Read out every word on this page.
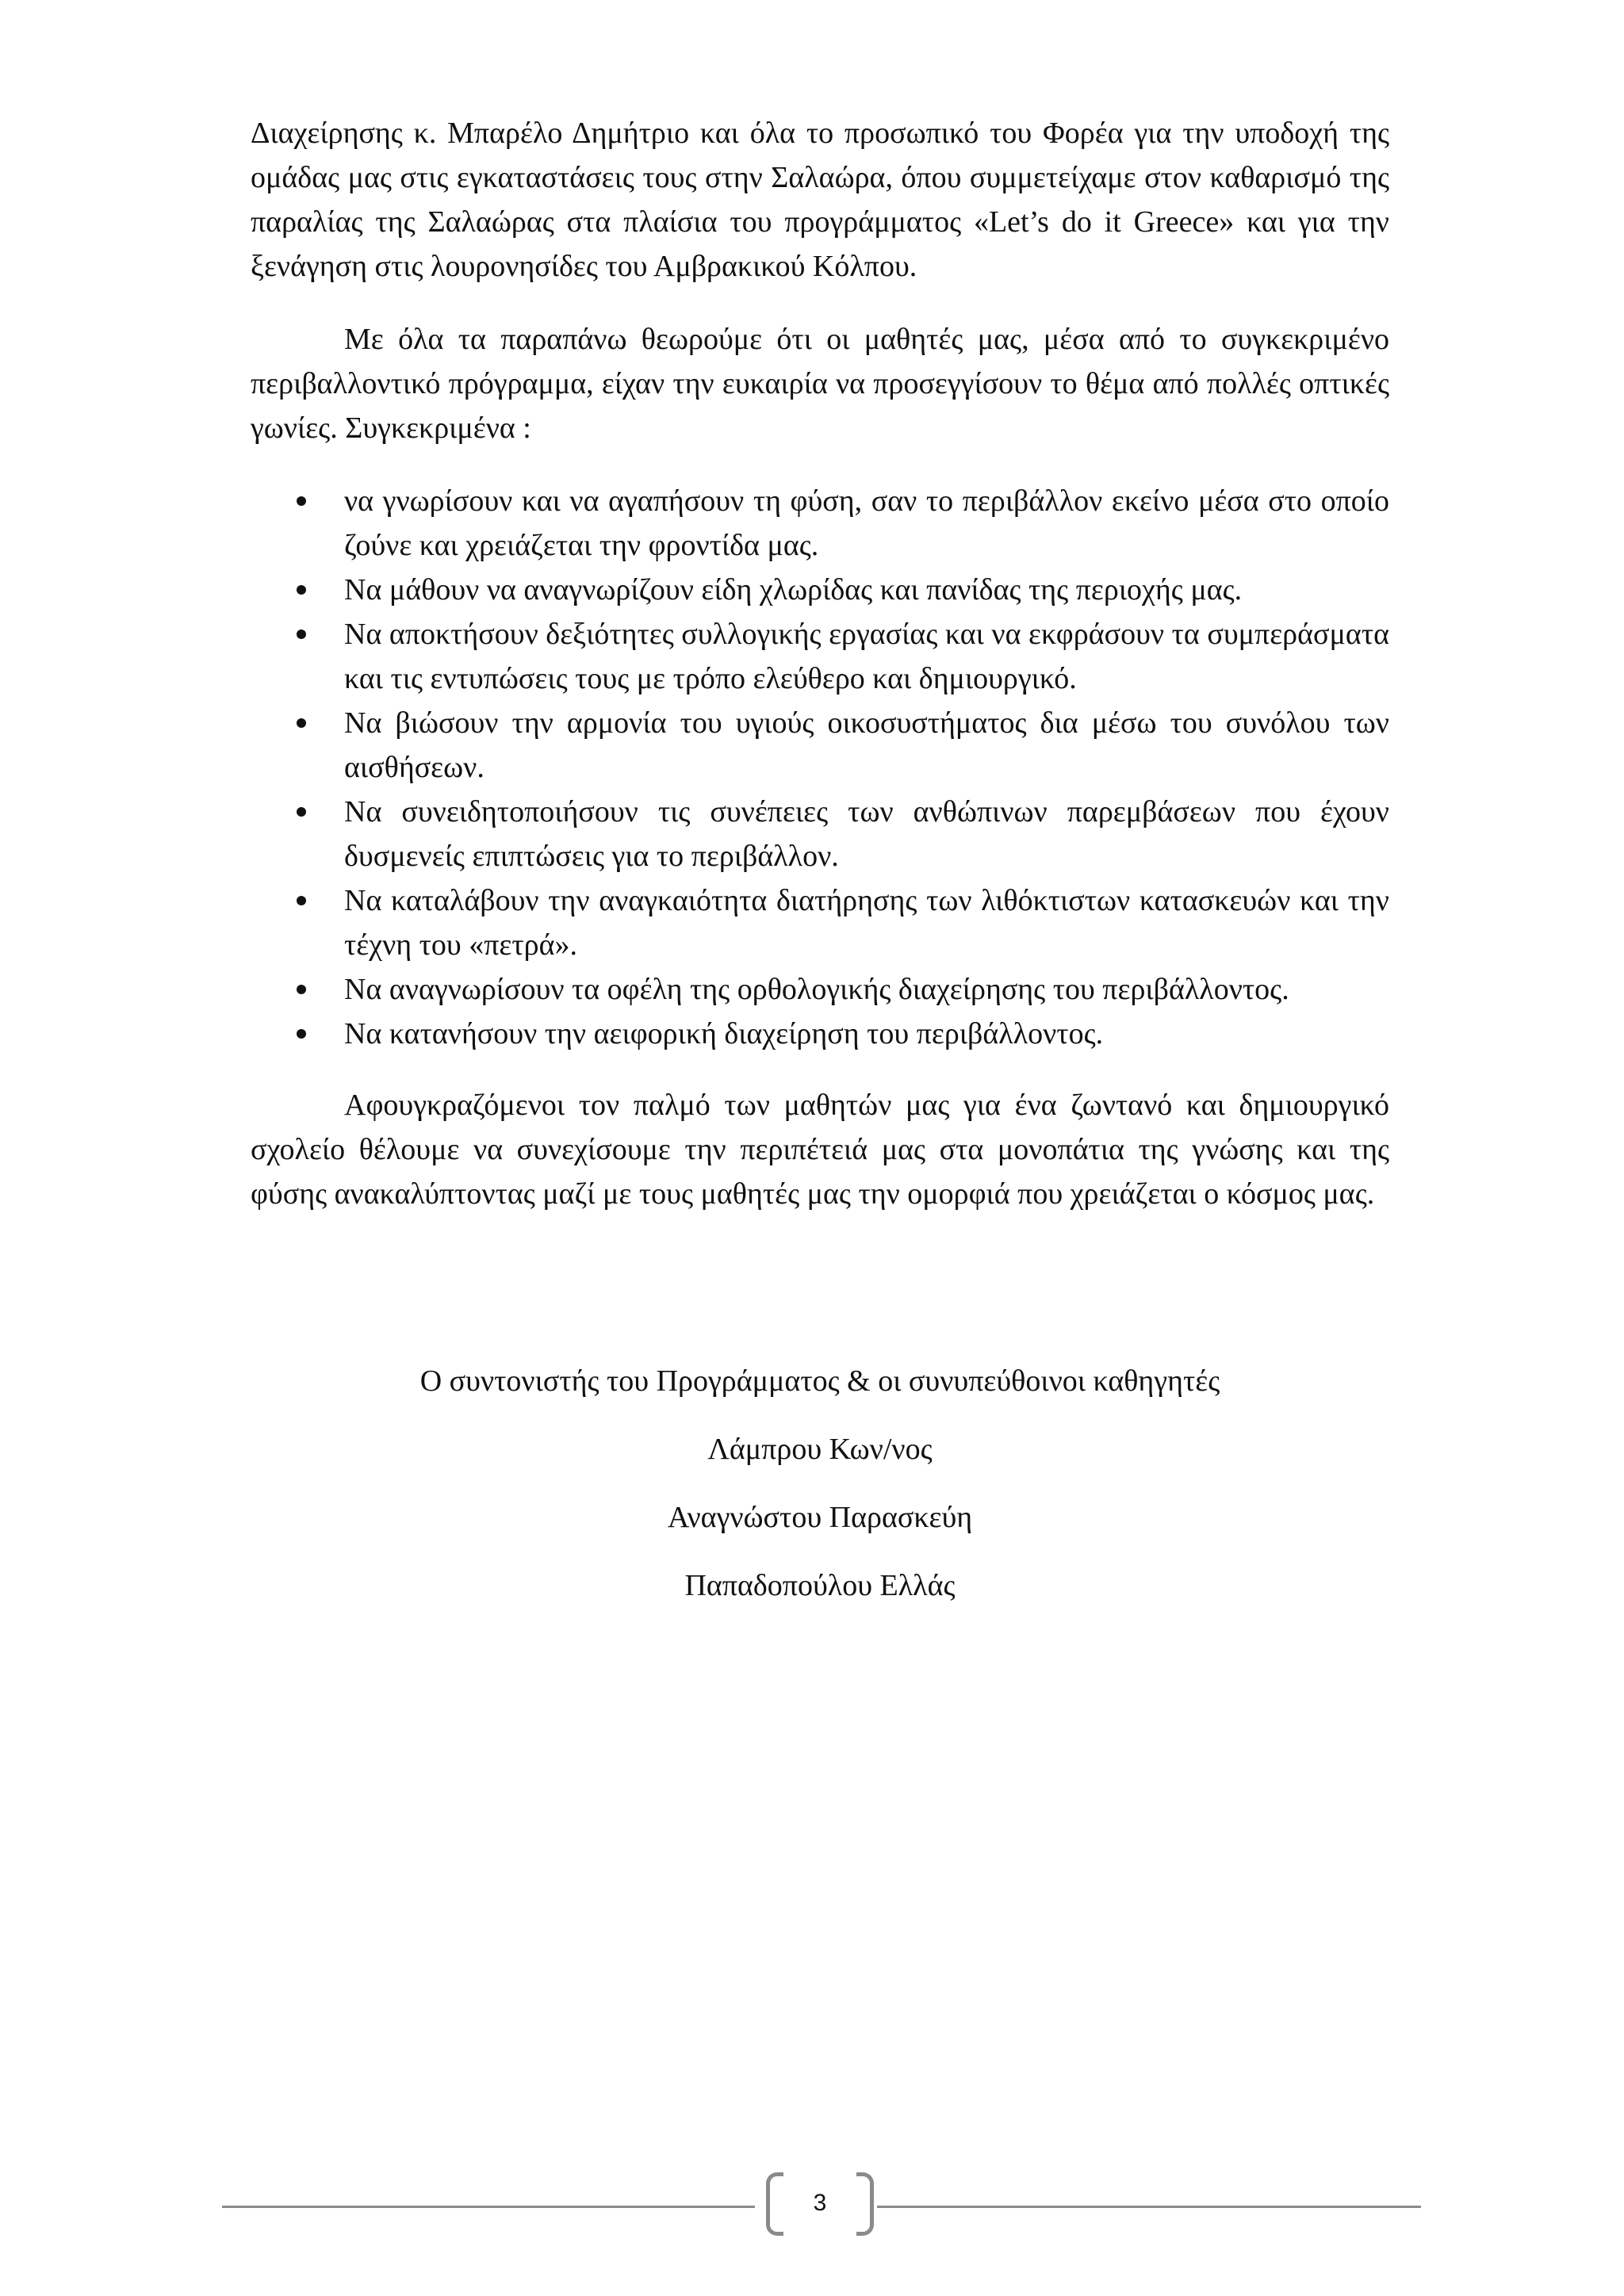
Διαχείρησης κ. Μπαρέλο Δημήτριο και όλα το προσωπικό του Φορέα για την υποδοχή της ομάδας μας στις εγκαταστάσεις τους στην Σαλαώρα, όπου συμμετείχαμε στον καθαρισμό της παραλίας της Σαλαώρας στα πλαίσια του προγράμματος «Let’s do it Greece» και για την ξενάγηση στις λουρονησίδες του Αμβρακικού Κόλπου.

Με όλα τα παραπάνω θεωρούμε ότι οι μαθητές μας, μέσα από το συγκεκριμένο περιβαλλοντικό πρόγραμμα, είχαν την ευκαιρία να προσεγγίσουν το θέμα από πολλές οπτικές γωνίες. Συγκεκριμένα :

να γνωρίσουν και να αγαπήσουν τη φύση, σαν το περιβάλλον εκείνο μέσα στο οποίο ζούνε και χρειάζεται την φροντίδα μας.
Να μάθουν να αναγνωρίζουν είδη χλωρίδας και πανίδας της περιοχής μας.
Να αποκτήσουν δεξιότητες συλλογικής εργασίας και να εκφράσουν τα συμπεράσματα και τις εντυπώσεις τους με τρόπο ελεύθερο και δημιουργικό.
Να βιώσουν την αρμονία του υγιούς οικοσυστήματος δια μέσω του συνόλου των αισθήσεων.
Να συνειδητοποιήσουν τις συνέπειες των ανθώπινων παρεμβάσεων που έχουν δυσμενείς επιπτώσεις για το περιβάλλον.
Να καταλάβουν την αναγκαιότητα διατήρησης των λιθόκτιστων κατασκευών και την τέχνη του «πετρά».
Να αναγνωρίσουν τα οφέλη της ορθολογικής διαχείρησης του περιβάλλοντος.
Να κατανήσουν την αειφορική διαχείρηση του περιβάλλοντος.

Αφουγκραζόμενοι τον παλμό των μαθητών μας για ένα ζωντανό και δημιουργικό σχολείο θέλουμε να συνεχίσουμε την περιπέτειά μας στα μονοπάτια της γνώσης και της φύσης ανακαλύπτοντας μαζί με τους μαθητές μας την ομορφιά που χρειάζεται ο κόσμος μας.

Ο συντονιστής του Προγράμματος & οι συνυπεύθοινοι καθηγητές

Λάμπρου Κων/νος

Αναγνώστου Παρασκεύη

Παπαδοπούλου Ελλάς

3
